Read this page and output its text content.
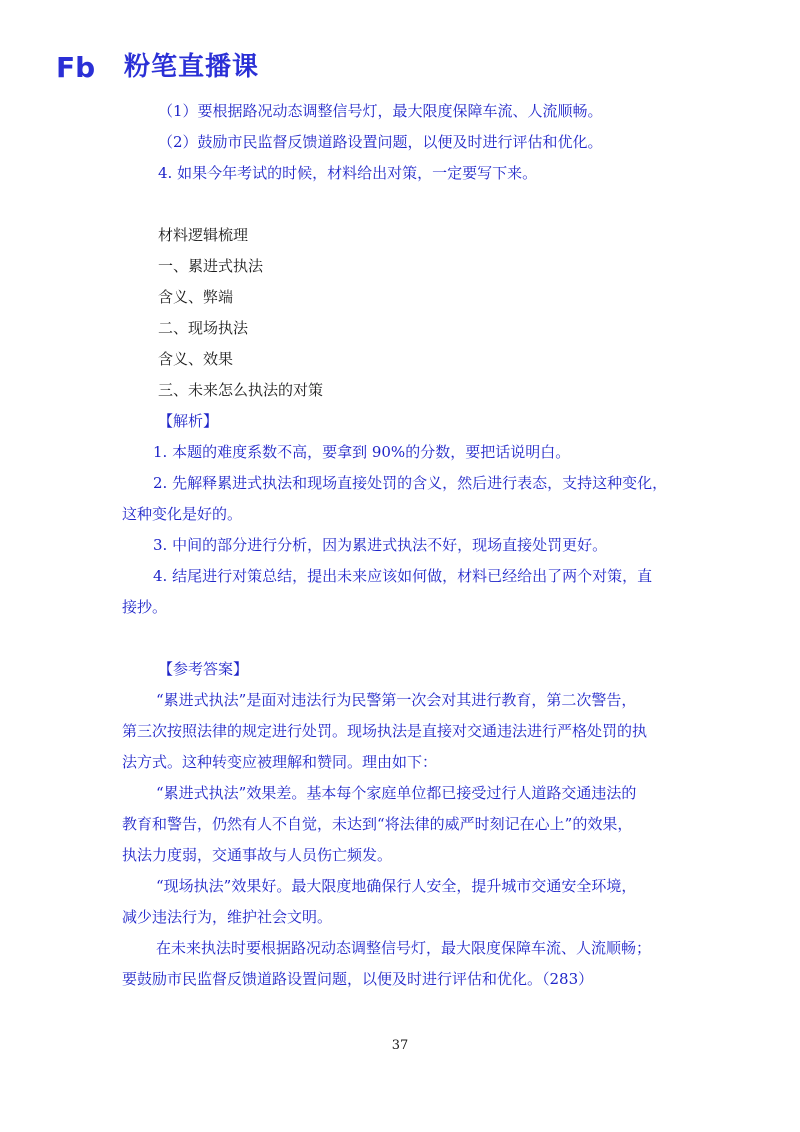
Fb 粉笔直播课

（1）要根据路况动态调整信号灯，最大限度保障车流、人流顺畅。

（2）鼓励市民监督反馈道路设置问题，以便及时进行评估和优化。

4. 如果今年考试的时候，材料给出对策，一定要写下来。

材料逻辑梳理

一、累进式执法

含义、弊端

二、现场执法

含义、效果

三、未来怎么执法的对策

【解析】

1. 本题的难度系数不高，要拿到 90%的分数，要把话说明白。

2. 先解释累进式执法和现场直接处罚的含义，然后进行表态，支持这种变化，

这种变化是好的。

3. 中间的部分进行分析，因为累进式执法不好，现场直接处罚更好。

4. 结尾进行对策总结，提出未来应该如何做，材料已经给出了两个对策，直

接抄。

【参考答案】

“累进式执法”是面对违法行为民警第一次会对其进行教育，第二次警告，

第三次按照法律的规定进行处罚。现场执法是直接对交通违法进行严格处罚的执

法方式。这种转变应被理解和赞同。理由如下：

“累进式执法”效果差。基本每个家庭单位都已接受过行人道路交通违法的

教育和警告，仍然有人不自觉，未达到“将法律的威严时刻记在心上”的效果，

执法力度弱，交通事故与人员伤亡频发。

“现场执法”效果好。最大限度地确保行人安全，提升城市交通安全环境，

减少违法行为，维护社会文明。

在未来执法时要根据路况动态调整信号灯，最大限度保障车流、人流顺畅；

要鼓励市民监督反馈道路设置问题，以便及时进行评估和优化。（283）

37
